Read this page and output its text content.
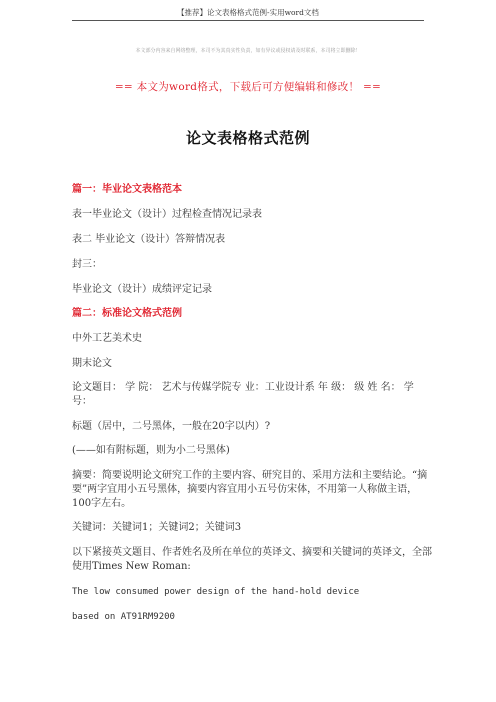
【推荐】论文表格格式范例-实用word文档
本文部分内容来自网络整理，本司不为其真实性负责，如有异议或侵权请及时联系，本司将立即删除！
== 本文为word格式，下载后可方便编辑和修改！ ==
论文表格格式范例
篇一：毕业论文表格范本
表一毕业论文（设计）过程检查情况记录表
表二 毕业论文（设计）答辩情况表
封三：
毕业论文（设计）成绩评定记录
篇二：标准论文格式范例
中外工艺美术史
期末论文
论文题目： 学 院： 艺术与传媒学院专 业：工业设计系 年 级： 级 姓 名： 学 号：
标题（居中，二号黑体，一般在20字以内）?
(——如有附标题，则为小二号黑体)
摘要：简要说明论文研究工作的主要内容、研究目的、采用方法和主要结论。“摘要”两字宜用小五号黑体，摘要内容宜用小五号仿宋体，不用第一人称做主语， 100字左右。
关键词：关键词1；关键词2；关键词3
以下紧接英文题目、作者姓名及所在单位的英译文、摘要和关键词的英译文，全部使用Times New Roman:
The low consumed power design of the hand-hold device
based on AT91RM9200
